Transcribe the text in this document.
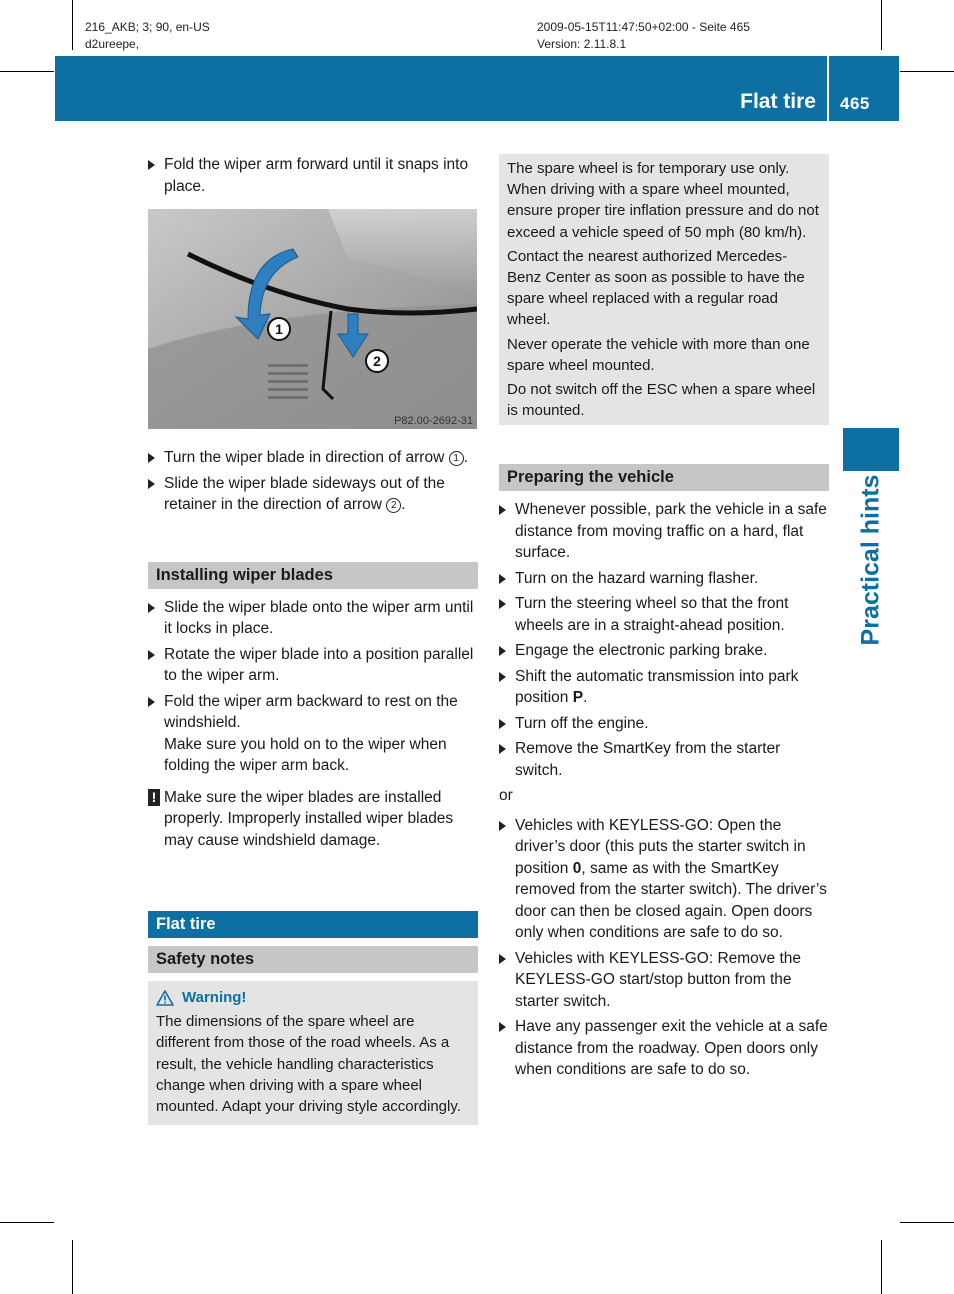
216_AKB; 3; 90, en-US
d2ureepe,
2009-05-15T11:47:50+02:00 - Seite 465
Version: 2.11.8.1
Flat tire 465
Practical hints
Fold the wiper arm forward until it snaps into place.
1
2
P82.00-2692-31
Turn the wiper blade in direction of arrow 1 .
Slide the wiper blade sideways out of the retainer in the direction of arrow 2 .
Installing wiper blades
Slide the wiper blade onto the wiper arm until it locks in place.
Rotate the wiper blade into a position parallel to the wiper arm.
Fold the wiper arm backward to rest on the windshield.
Make sure you hold on to the wiper when folding the wiper arm back.
! Make sure the wiper blades are installed properly. Improperly installed wiper blades may cause windshield damage.
Flat tire
Safety notes
Warning!

The dimensions of the spare wheel are different from those of the road wheels. As a result, the vehicle handling characteristics change when driving with a spare wheel mounted. Adapt your driving style accordingly.

The spare wheel is for temporary use only. When driving with a spare wheel mounted, ensure proper tire inflation pressure and do not exceed a vehicle speed of 50 mph (80 km/h).

Contact the nearest authorized Mercedes-Benz Center as soon as possible to have the spare wheel replaced with a regular road wheel.

Never operate the vehicle with more than one spare wheel mounted.

Do not switch off the ESC when a spare wheel is mounted.

Preparing the vehicle
Whenever possible, park the vehicle in a safe distance from moving traffic on a hard, flat surface.
Turn on the hazard warning flasher.
Turn the steering wheel so that the front wheels are in a straight-ahead position.
Engage the electronic parking brake.
Shift the automatic transmission into park position P.
Turn off the engine.
Remove the SmartKey from the starter switch.
or
Vehicles with KEYLESS-GO: Open the driver’s door (this puts the starter switch in position 0, same as with the SmartKey removed from the starter switch). The driver’s door can then be closed again. Open doors only when conditions are safe to do so.
Vehicles with KEYLESS-GO: Remove the KEYLESS-GO start/stop button from the starter switch.
Have any passenger exit the vehicle at a safe distance from the roadway. Open doors only when conditions are safe to do so.
